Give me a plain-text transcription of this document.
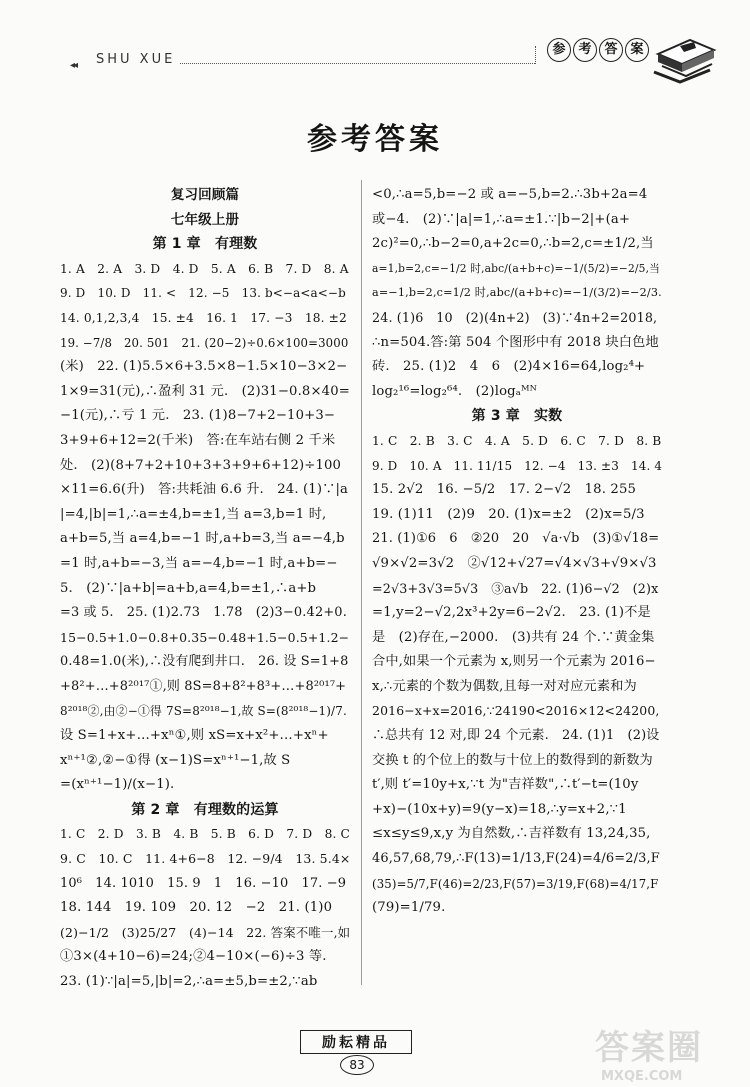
◂◂ SHU XUE
参 考 答 案
参考答案

复习回顾篇

七年级上册

第 1 章　有理数

1. A　2. A　3. D　4. D　5. A　6. B　7. D　8. A

9. D　10. D　11. <　12. −5　13. b<−a<a<−b

14. 0,1,2,3,4　15. ±4　16. 1　17. −3　18. ±2

19. −7/8　20. 501　21. (20−2)÷0.6×100=3000

(米)　22. (1)5.5×6+3.5×8−1.5×10−3×2−

1×9=31(元),∴盈利 31 元.　(2)31−0.8×40=

−1(元),∴亏 1 元.　23. (1)8−7+2−10+3−

3+9+6+12=2(千米)　答:在车站右侧 2 千米

处.　(2)(8+7+2+10+3+3+9+6+12)÷100

×11=6.6(升)　答:共耗油 6.6 升.　24. (1)∵|a

|=4,|b|=1,∴a=±4,b=±1,当 a=3,b=1 时,

a+b=5,当 a=4,b=−1 时,a+b=3,当 a=−4,b

=1 时,a+b=−3,当 a=−4,b=−1 时,a+b=−

5.　(2)∵|a+b|=a+b,a=4,b=±1,∴a+b

=3 或 5.　25. (1)2.73　1.78　(2)3−0.42+0.

15−0.5+1.0−0.8+0.35−0.48+1.5−0.5+1.2−

0.48=1.0(米),∴没有爬到井口.　26. 设 S=1+8

+8²+…+8²⁰¹⁷①,则 8S=8+8²+8³+…+8²⁰¹⁷+

8²⁰¹⁸②,由②−①得 7S=8²⁰¹⁸−1,故 S=(8²⁰¹⁸−1)/7.

设 S=1+x+…+xⁿ①,则 xS=x+x²+…+xⁿ+

xⁿ⁺¹②,②−①得 (x−1)S=xⁿ⁺¹−1,故 S

=(xⁿ⁺¹−1)/(x−1).

第 2 章　有理数的运算

1. C　2. D　3. B　4. B　5. B　6. D　7. D　8. C

9. C　10. C　11. 4+6−8　12. −9/4　13. 5.4×

10⁶　14. 1010　15. 9　1　16. −10　17. −9

18. 144　19. 109　20. 12　−2　21. (1)0

(2)−1/2　(3)25/27　(4)−14　22. 答案不唯一,如

①3×(4+10−6)=24;②4−10×(−6)÷3 等.

23. (1)∵|a|=5,|b|=2,∴a=±5,b=±2,∵ab

<0,∴a=5,b=−2 或 a=−5,b=2.∴3b+2a=4

或−4.　(2)∵|a|=1,∴a=±1.∵|b−2|+(a+

2c)²=0,∴b−2=0,a+2c=0,∴b=2,c=±1/2,当

a=1,b=2,c=−1/2 时,abc/(a+b+c)=−1/(5/2)=−2/5,当

a=−1,b=2,c=1/2 时,abc/(a+b+c)=−1/(3/2)=−2/3.

24. (1)6　10　(2)(4n+2)　(3)∵4n+2=2018,

∴n=504.答:第 504 个图形中有 2018 块白色地

砖.　25. (1)2　4　6　(2)4×16=64,log₂⁴+

log₂¹⁶=log₂⁶⁴.　(2)logₐᴹᴺ

第 3 章　实数

1. C　2. B　3. C　4. A　5. D　6. C　7. D　8. B

9. D　10. A　11. 11/15　12. −4　13. ±3　14. 4

15. 2√2　16. −5/2　17. 2−√2　18. 255

19. (1)11　(2)9　20. (1)x=±2　(2)x=5/3

21. (1)①6　6　②20　20　√a·√b　(3)①√18=

√9×√2=3√2　②√12+√27=√4×√3+√9×√3

=2√3+3√3=5√3　③a√b　22. (1)6−√2　(2)x

=1,y=2−√2,2x³+2y=6−2√2.　23. (1)不是

是　(2)存在,−2000.　(3)共有 24 个.∵黄金集

合中,如果一个元素为 x,则另一个元素为 2016−

x,∴元素的个数为偶数,且每一对对应元素和为

2016−x+x=2016,∵24190<2016×12<24200,

∴总共有 12 对,即 24 个元素.　24. (1)1　(2)设

交换 t 的个位上的数与十位上的数得到的新数为

t′,则 t′=10y+x,∵t 为"吉祥数",∴t′−t=(10y

+x)−(10x+y)=9(y−x)=18,∴y=x+2,∵1

≤x≤y≤9,x,y 为自然数,∴吉祥数有 13,24,35,

46,57,68,79,∴F(13)=1/13,F(24)=4/6=2/3,F

(35)=5/7,F(46)=2/23,F(57)=3/19,F(68)=4/17,F

(79)=1/79.

励耘精品
83	答案圈
MXQE.COM
